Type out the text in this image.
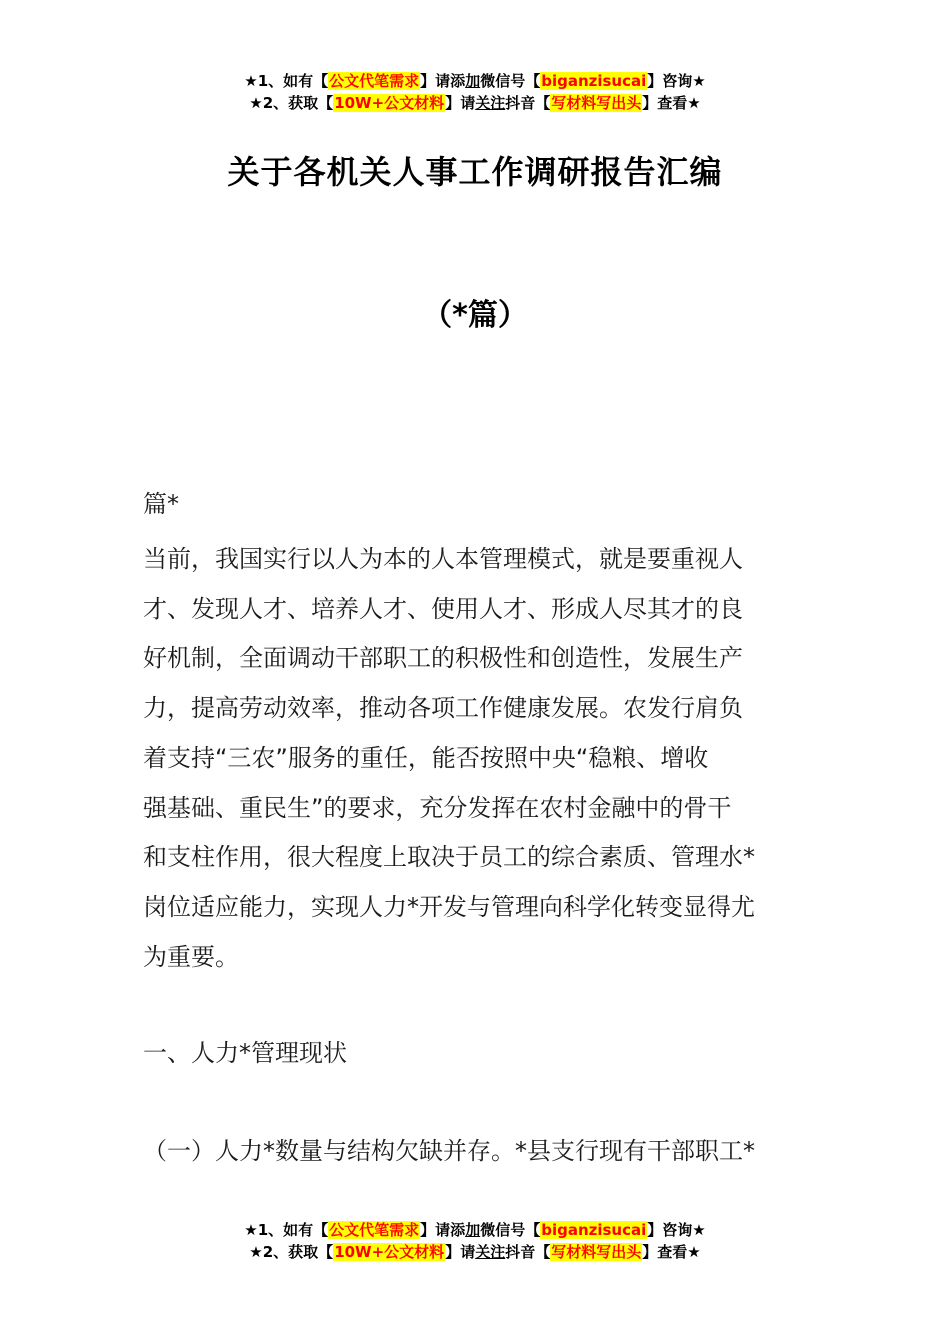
★1、如有【公文代笔需求】请添加微信号【biganzisucai】咨询★
★2、获取【10W+公文材料】请关注抖音【写材料写出头】查看★
关于各机关人事工作调研报告汇编
（*篇）
篇*
当前，我国实行以人为本的人本管理模式，就是要重视人
才、发现人才、培养人才、使用人才、形成人尽其才的良
好机制，全面调动干部职工的积极性和创造性，发展生产
力，提高劳动效率，推动各项工作健康发展。农发行肩负
着支持“三农”服务的重任，能否按照中央“稳粮、增收
强基础、重民生”的要求，充分发挥在农村金融中的骨干
和支柱作用，很大程度上取决于员工的综合素质、管理水*
岗位适应能力，实现人力*开发与管理向科学化转变显得尤
为重要。
一、人力*管理现状
（一）人力*数量与结构欠缺并存。*县支行现有干部职工*
★1、如有【公文代笔需求】请添加微信号【biganzisucai】咨询★
★2、获取【10W+公文材料】请关注抖音【写材料写出头】查看★
